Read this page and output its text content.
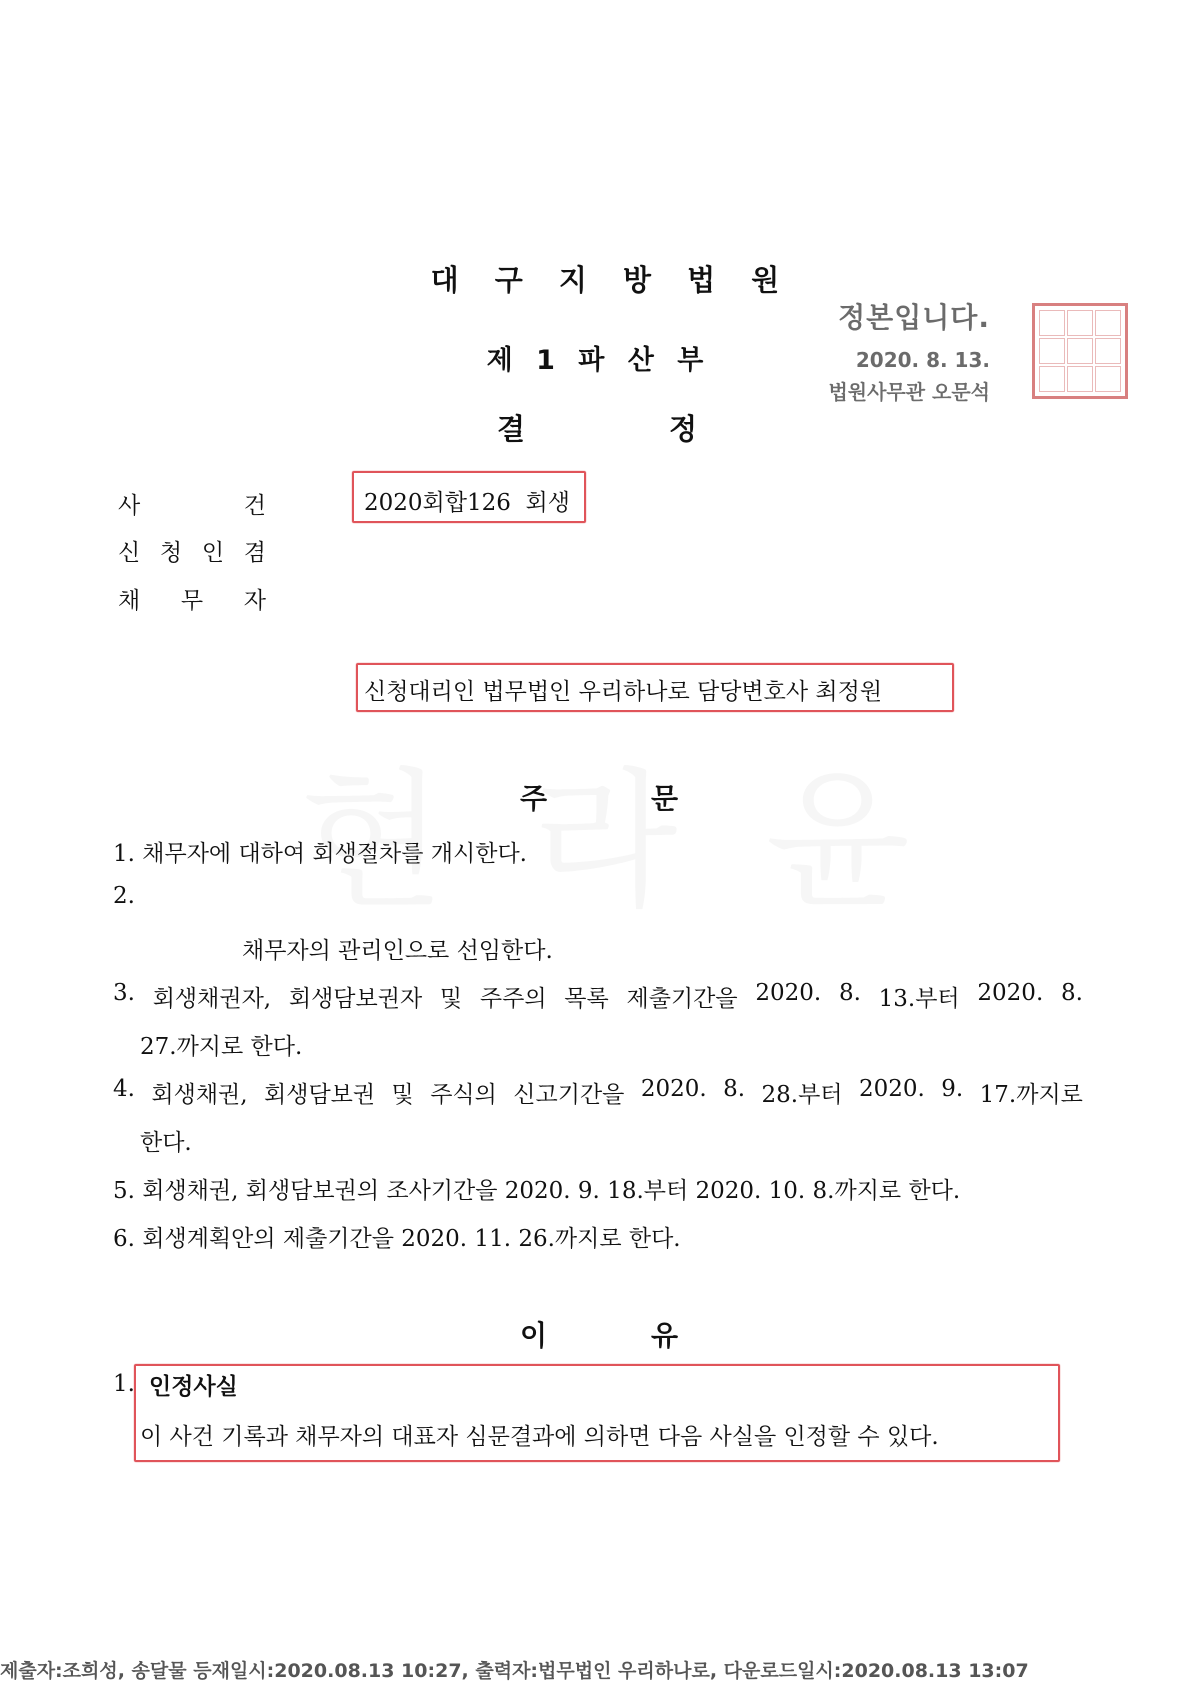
대 구 지 방 법 원
제 1 파 산 부
결	정
정본입니다.
2020. 8. 13.
법원사무관 오문석
사	건	2020회합126  회생
신 청 인 겸
채 무 자
신청대리인 법무법인 우리하나로 담당변호사 최정원
주	문
1. 채무자에 대하여 회생절차를 개시한다.
2.
채무자의 관리인으로 선임한다.
3. 회생채권자, 회생담보권자 및 주주의 목록 제출기간을 2020. 8. 13.부터 2020. 8.
27.까지로 한다.
4. 회생채권, 회생담보권 및 주식의 신고기간을 2020. 8. 28.부터 2020. 9. 17.까지로
한다.
5. 회생채권, 회생담보권의 조사기간을 2020. 9. 18.부터 2020. 10. 8.까지로 한다.
6. 회생계획안의 제출기간을 2020. 11. 26.까지로 한다.
이	유
1. 인정사실
이 사건 기록과 채무자의 대표자 심문결과에 의하면 다음 사실을 인정할 수 있다.
제출자:조희성, 송달물 등재일시:2020.08.13 10:27, 출력자:법무법인 우리하나로, 다운로드일시:2020.08.13 13:07
